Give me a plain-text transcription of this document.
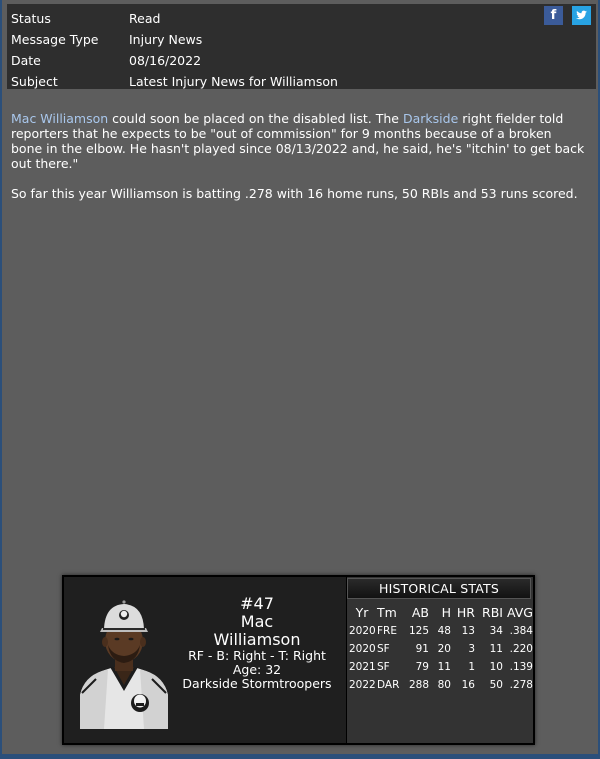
Status	Read
Message Type	Injury News
Date	08/16/2022
Subject	Latest Injury News for Williamson
f

Mac Williamson could soon be placed on the disabled list. The Darkside right fielder told reporters that he expects to be "out of commission" for 9 months because of a broken bone in the elbow. He hasn't played since 08/13/2022 and, he said, he's "itchin' to get back out there."

So far this year Williamson is batting .278 with 16 home runs, 50 RBIs and 53 runs scored.

#47
Mac
Williamson
RF - B: Right - T: Right
Age: 32
Darkside Stormtroopers
HISTORICAL STATS
Yr Tm	AB	H HR RBI AVG
2020 FRE	125 48	13	34 .384
2020 SF	91 20	3	11 .220
2021 SF	79 11	1	10 .139
2022 DAR 288 80	16	50 .278
